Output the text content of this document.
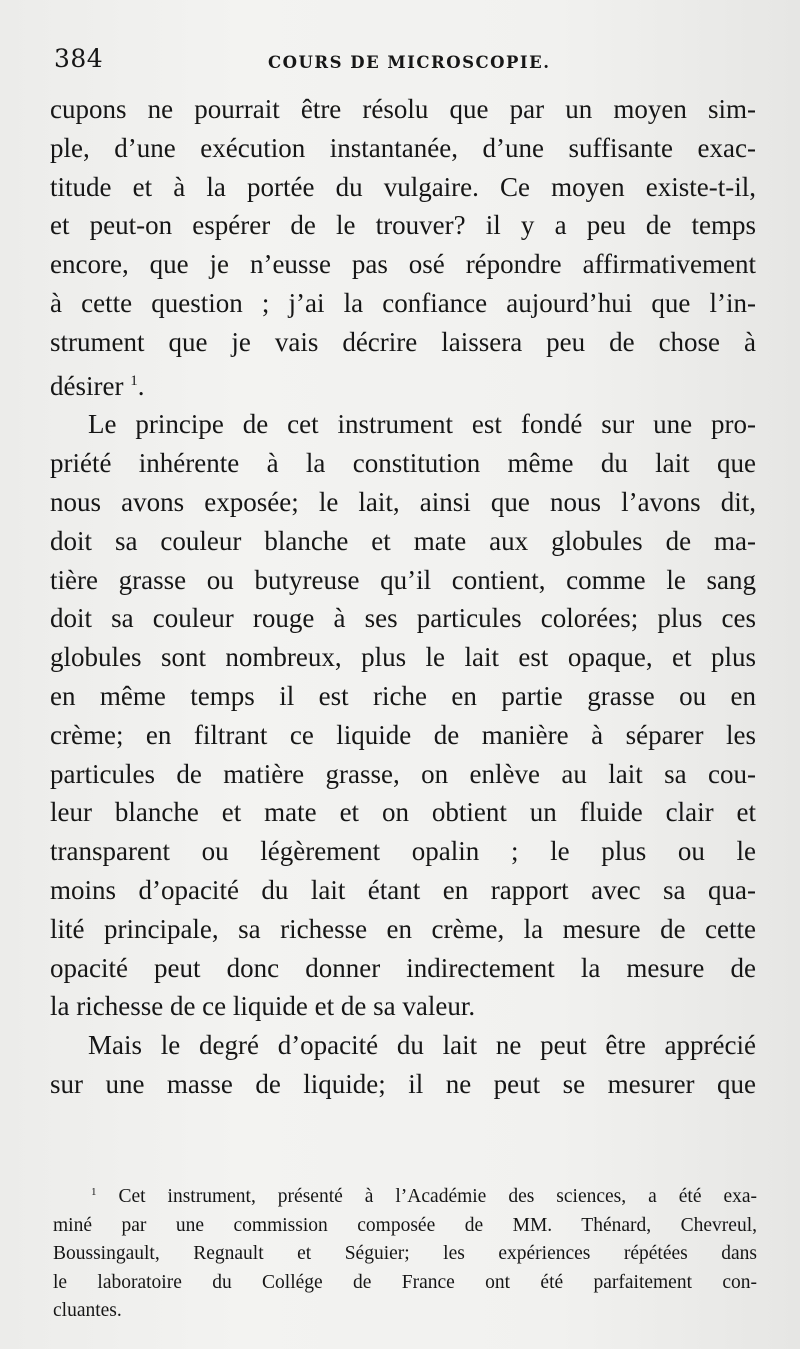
384	COURS DE MICROSCOPIE.
cupons ne pourrait être résolu que par un moyen sim-
ple, d’une exécution instantanée, d’une suffisante exac-
titude et à la portée du vulgaire. Ce moyen existe-t-il,
et peut-on espérer de le trouver? il y a peu de temps
encore, que je n’eusse pas osé répondre affirmativement
à cette question ; j’ai la confiance aujourd’hui que l’in-
strument que je vais décrire laissera peu de chose à
désirer $^1$.
Le principe de cet instrument est fondé sur une pro-
priété inhérente à la constitution même du lait que
nous avons exposée; le lait, ainsi que nous l’avons dit,
doit sa couleur blanche et mate aux globules de ma-
tière grasse ou butyreuse qu’il contient, comme le sang
doit sa couleur rouge à ses particules colorées; plus ces
globules sont nombreux, plus le lait est opaque, et plus
en même temps il est riche en partie grasse ou en
crème; en filtrant ce liquide de manière à séparer les
particules de matière grasse, on enlève au lait sa cou-
leur blanche et mate et on obtient un fluide clair et
transparent ou légèrement opalin ; le plus ou le
moins d’opacité du lait étant en rapport avec sa qua-
lité principale, sa richesse en crème, la mesure de cette
opacité peut donc donner indirectement la mesure de
la richesse de ce liquide et de sa valeur.
Mais le degré d’opacité du lait ne peut être apprécié
sur une masse de liquide; il ne peut se mesurer que
$^1$ Cet instrument, présenté à l’Académie des sciences, a été exa-
miné par une commission composée de MM. Thénard, Chevreul,
Boussingault, Regnault et Séguier; les expériences répétées dans
le laboratoire du Collége de France ont été parfaitement con-
cluantes.
